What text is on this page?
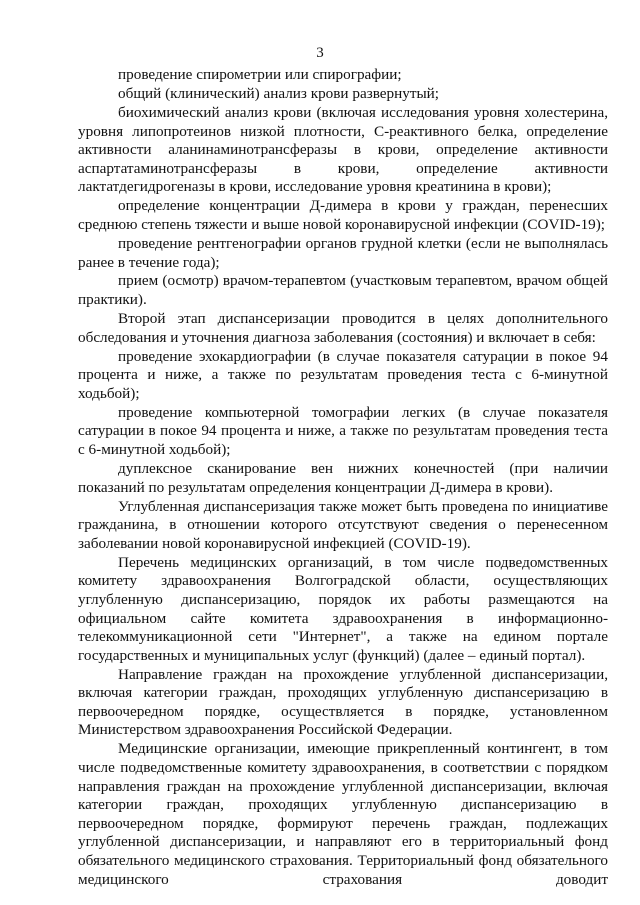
3

проведение спирометрии или спирографии;

общий (клинический) анализ крови развернутый;

биохимический анализ крови (включая исследования уровня холестерина, уровня липопротеинов низкой плотности, С-реактивного белка, определение активности аланинаминотрансферазы в крови, определение активности аспартатаминотрансферазы в крови, определение активности лактатдегидрогеназы в крови, исследование уровня креатинина в крови);

определение концентрации Д-димера в крови у граждан, перенесших среднюю степень тяжести и выше новой коронавирусной инфекции (COVID-19);

проведение рентгенографии органов грудной клетки (если не выполнялась ранее в течение года);

прием (осмотр) врачом-терапевтом (участковым терапевтом, врачом общей практики).

Второй этап диспансеризации проводится в целях дополнительного обследования и уточнения диагноза заболевания (состояния) и включает в себя:

проведение эхокардиографии (в случае показателя сатурации в покое 94 процента и ниже, а также по результатам проведения теста с 6-минутной ходьбой);

проведение компьютерной томографии легких (в случае показателя сатурации в покое 94 процента и ниже, а также по результатам проведения теста с 6-минутной ходьбой);

дуплексное сканирование вен нижних конечностей (при наличии показаний по результатам определения концентрации Д-димера в крови).

Углубленная диспансеризация также может быть проведена по инициативе гражданина, в отношении которого отсутствуют сведения о перенесенном заболевании новой коронавирусной инфекцией (COVID-19).

Перечень медицинских организаций, в том числе подведомственных комитету здравоохранения Волгоградской области, осуществляющих углубленную диспансеризацию, порядок их работы размещаются на официальном сайте комитета здравоохранения в информационно-телекоммуникационной сети "Интернет", а также на едином портале государственных и муниципальных услуг (функций) (далее – единый портал).

Направление граждан на прохождение углубленной диспансеризации, включая категории граждан, проходящих углубленную диспансеризацию в первоочередном порядке, осуществляется в порядке, установленном Министерством здравоохранения Российской Федерации.

Медицинские организации, имеющие прикрепленный контингент, в том числе подведомственные комитету здравоохранения, в соответствии с порядком направления граждан на прохождение углубленной диспансеризации, включая категории граждан, проходящих углубленную диспансеризацию в первоочередном порядке, формируют перечень граждан, подлежащих углубленной диспансеризации, и направляют его в территориальный фонд обязательного медицинского страхования. Территориальный фонд обязательного медицинского страхования доводит
